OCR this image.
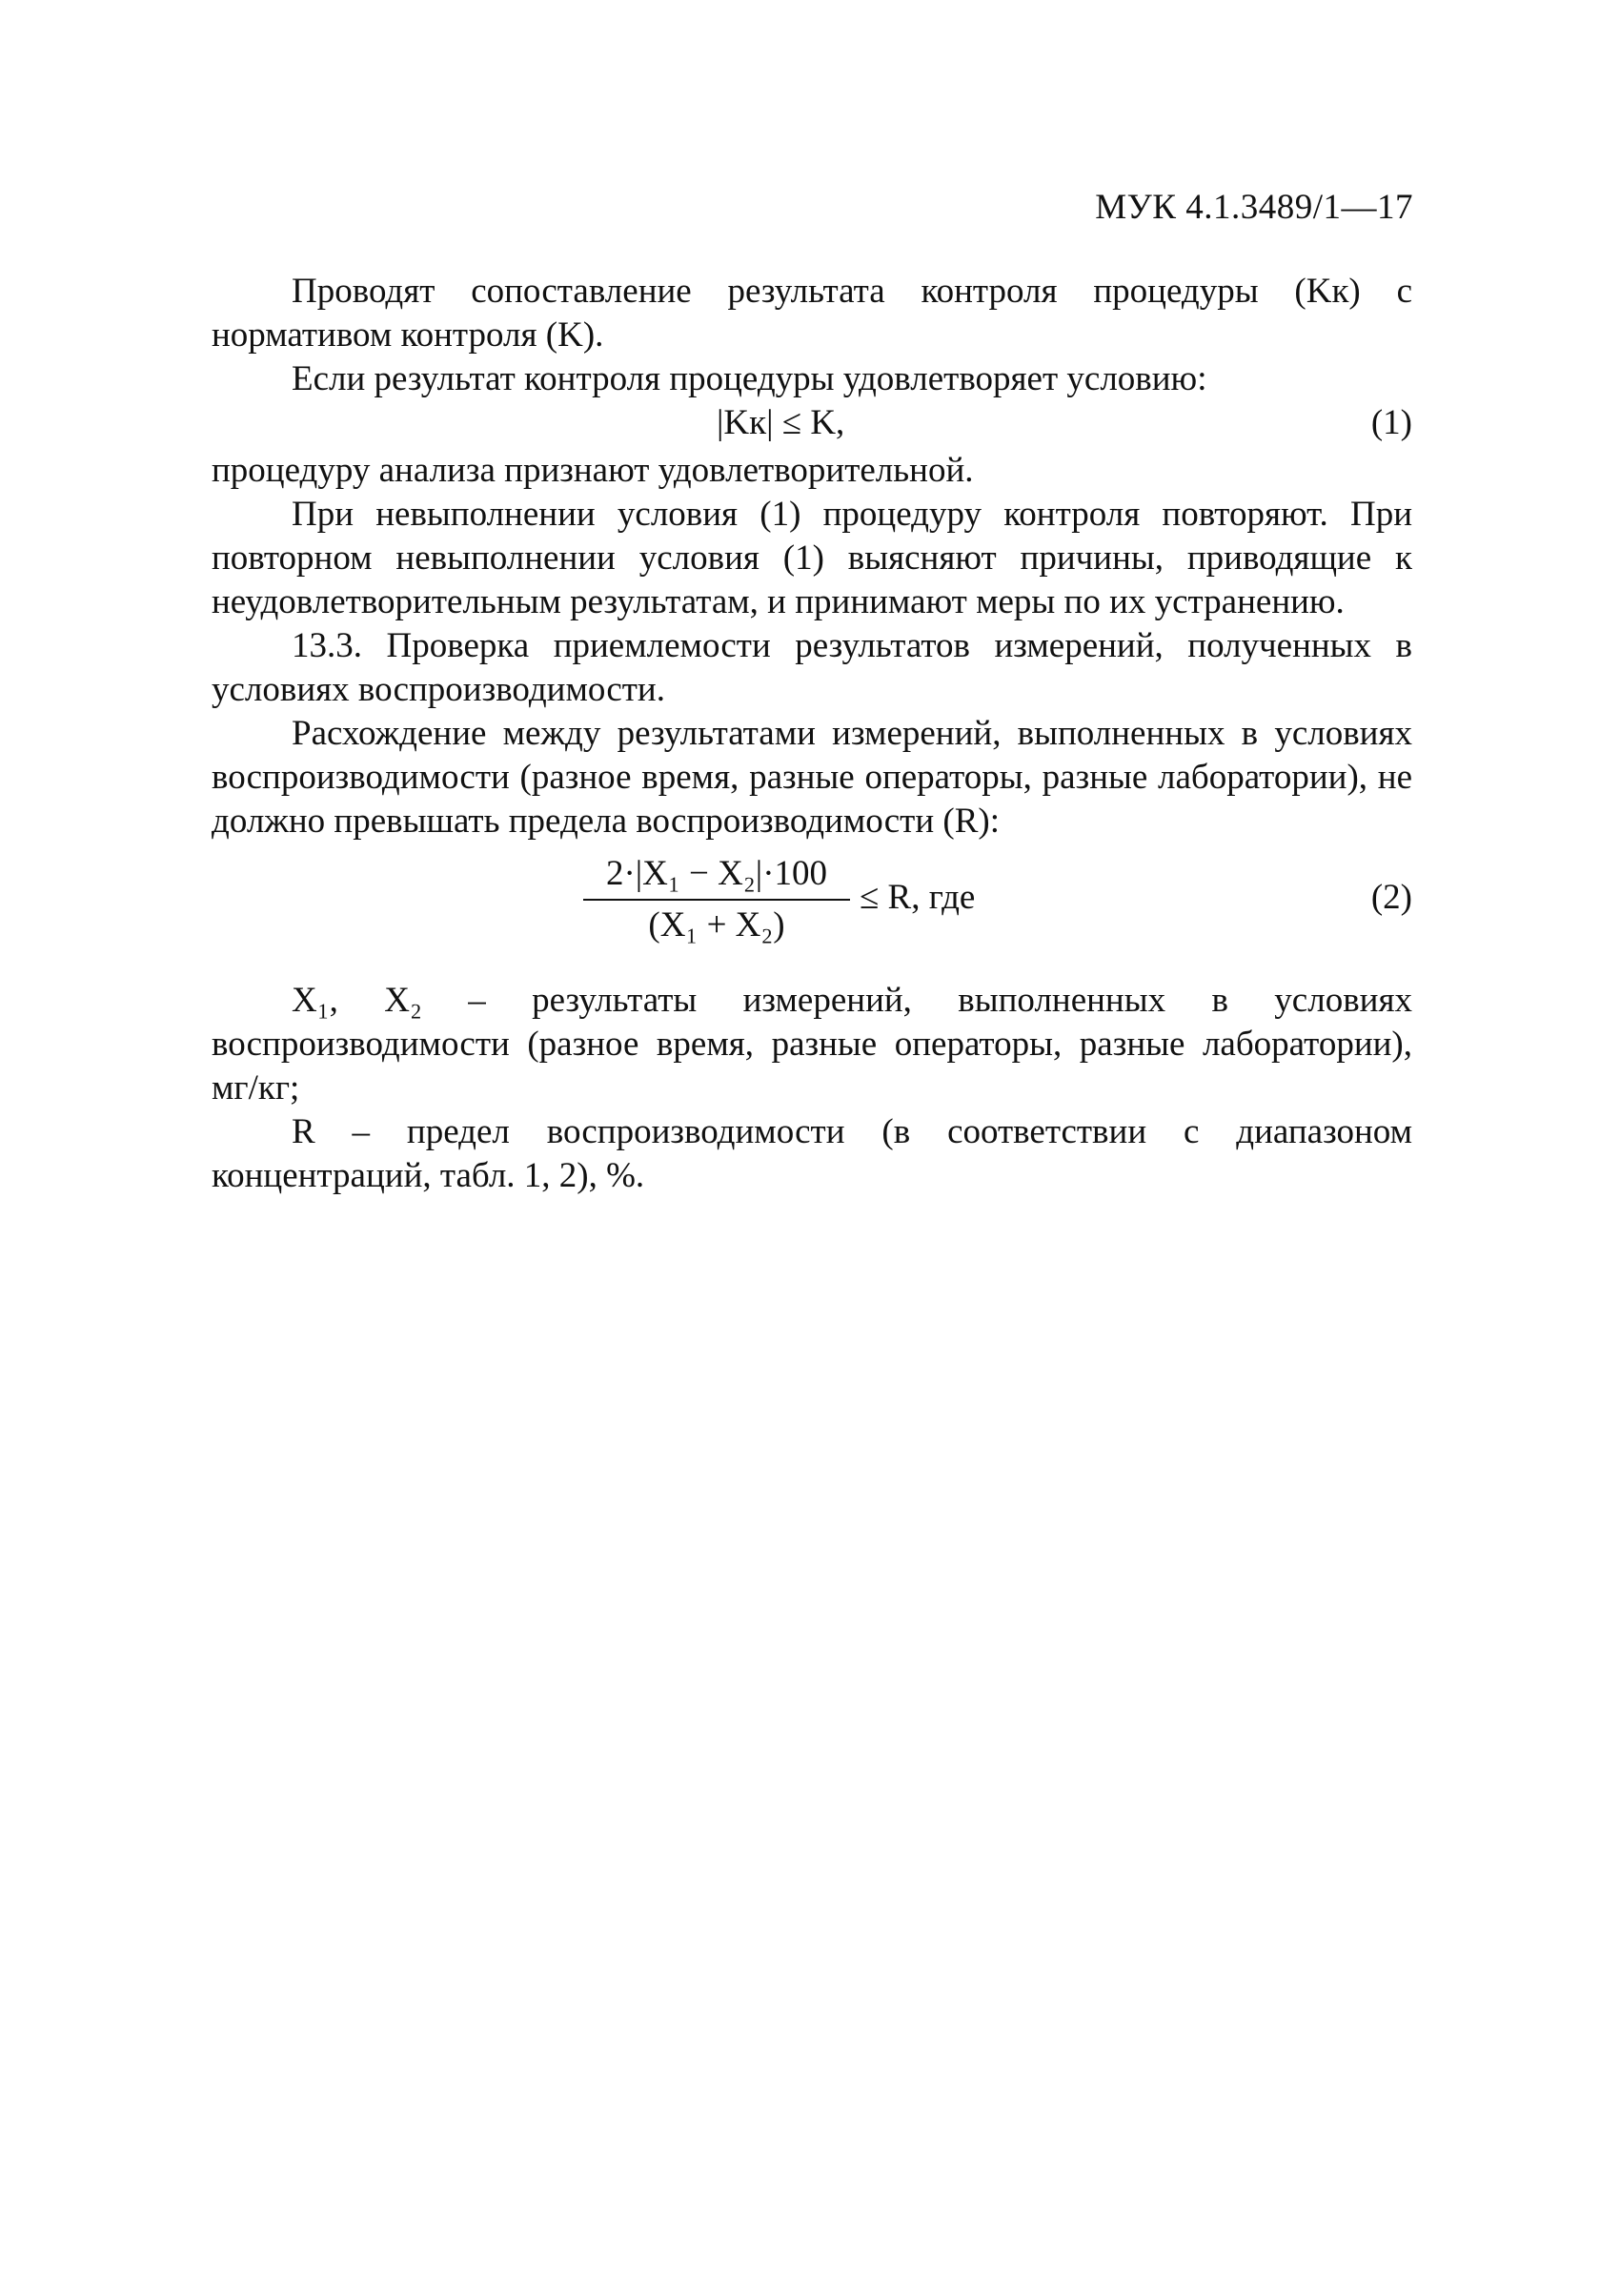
МУК 4.1.3489/1—17

Проводят сопоставление результата контроля процедуры (Kк) с нормативом контроля (K).

Если результат контроля процедуры удовлетворяет условию:

|Kк| ≤ K,	(1)

процедуру анализа признают удовлетворительной.

При невыполнении условия (1) процедуру контроля повторяют. При повторном невыполнении условия (1) выясняют причины, приводящие к неудовлетворительным результатам, и принимают меры по их устранению.

13.3. Проверка приемлемости результатов измерений, полученных в условиях воспроизводимости.

Расхождение между результатами измерений, выполненных в условиях воспроизводимости (разное время, разные операторы, разные лаборатории), не должно превышать предела воспроизводимости (R):

2·|X₁ − X₂|·100
(X₁ + X₂)
≤ R, где	(2)

X₁, X₂ – результаты измерений, выполненных в условиях воспроизводимости (разное время, разные операторы, разные лаборатории), мг/кг;

R – предел воспроизводимости (в соответствии с диапазоном концентраций, табл. 1, 2), %.
